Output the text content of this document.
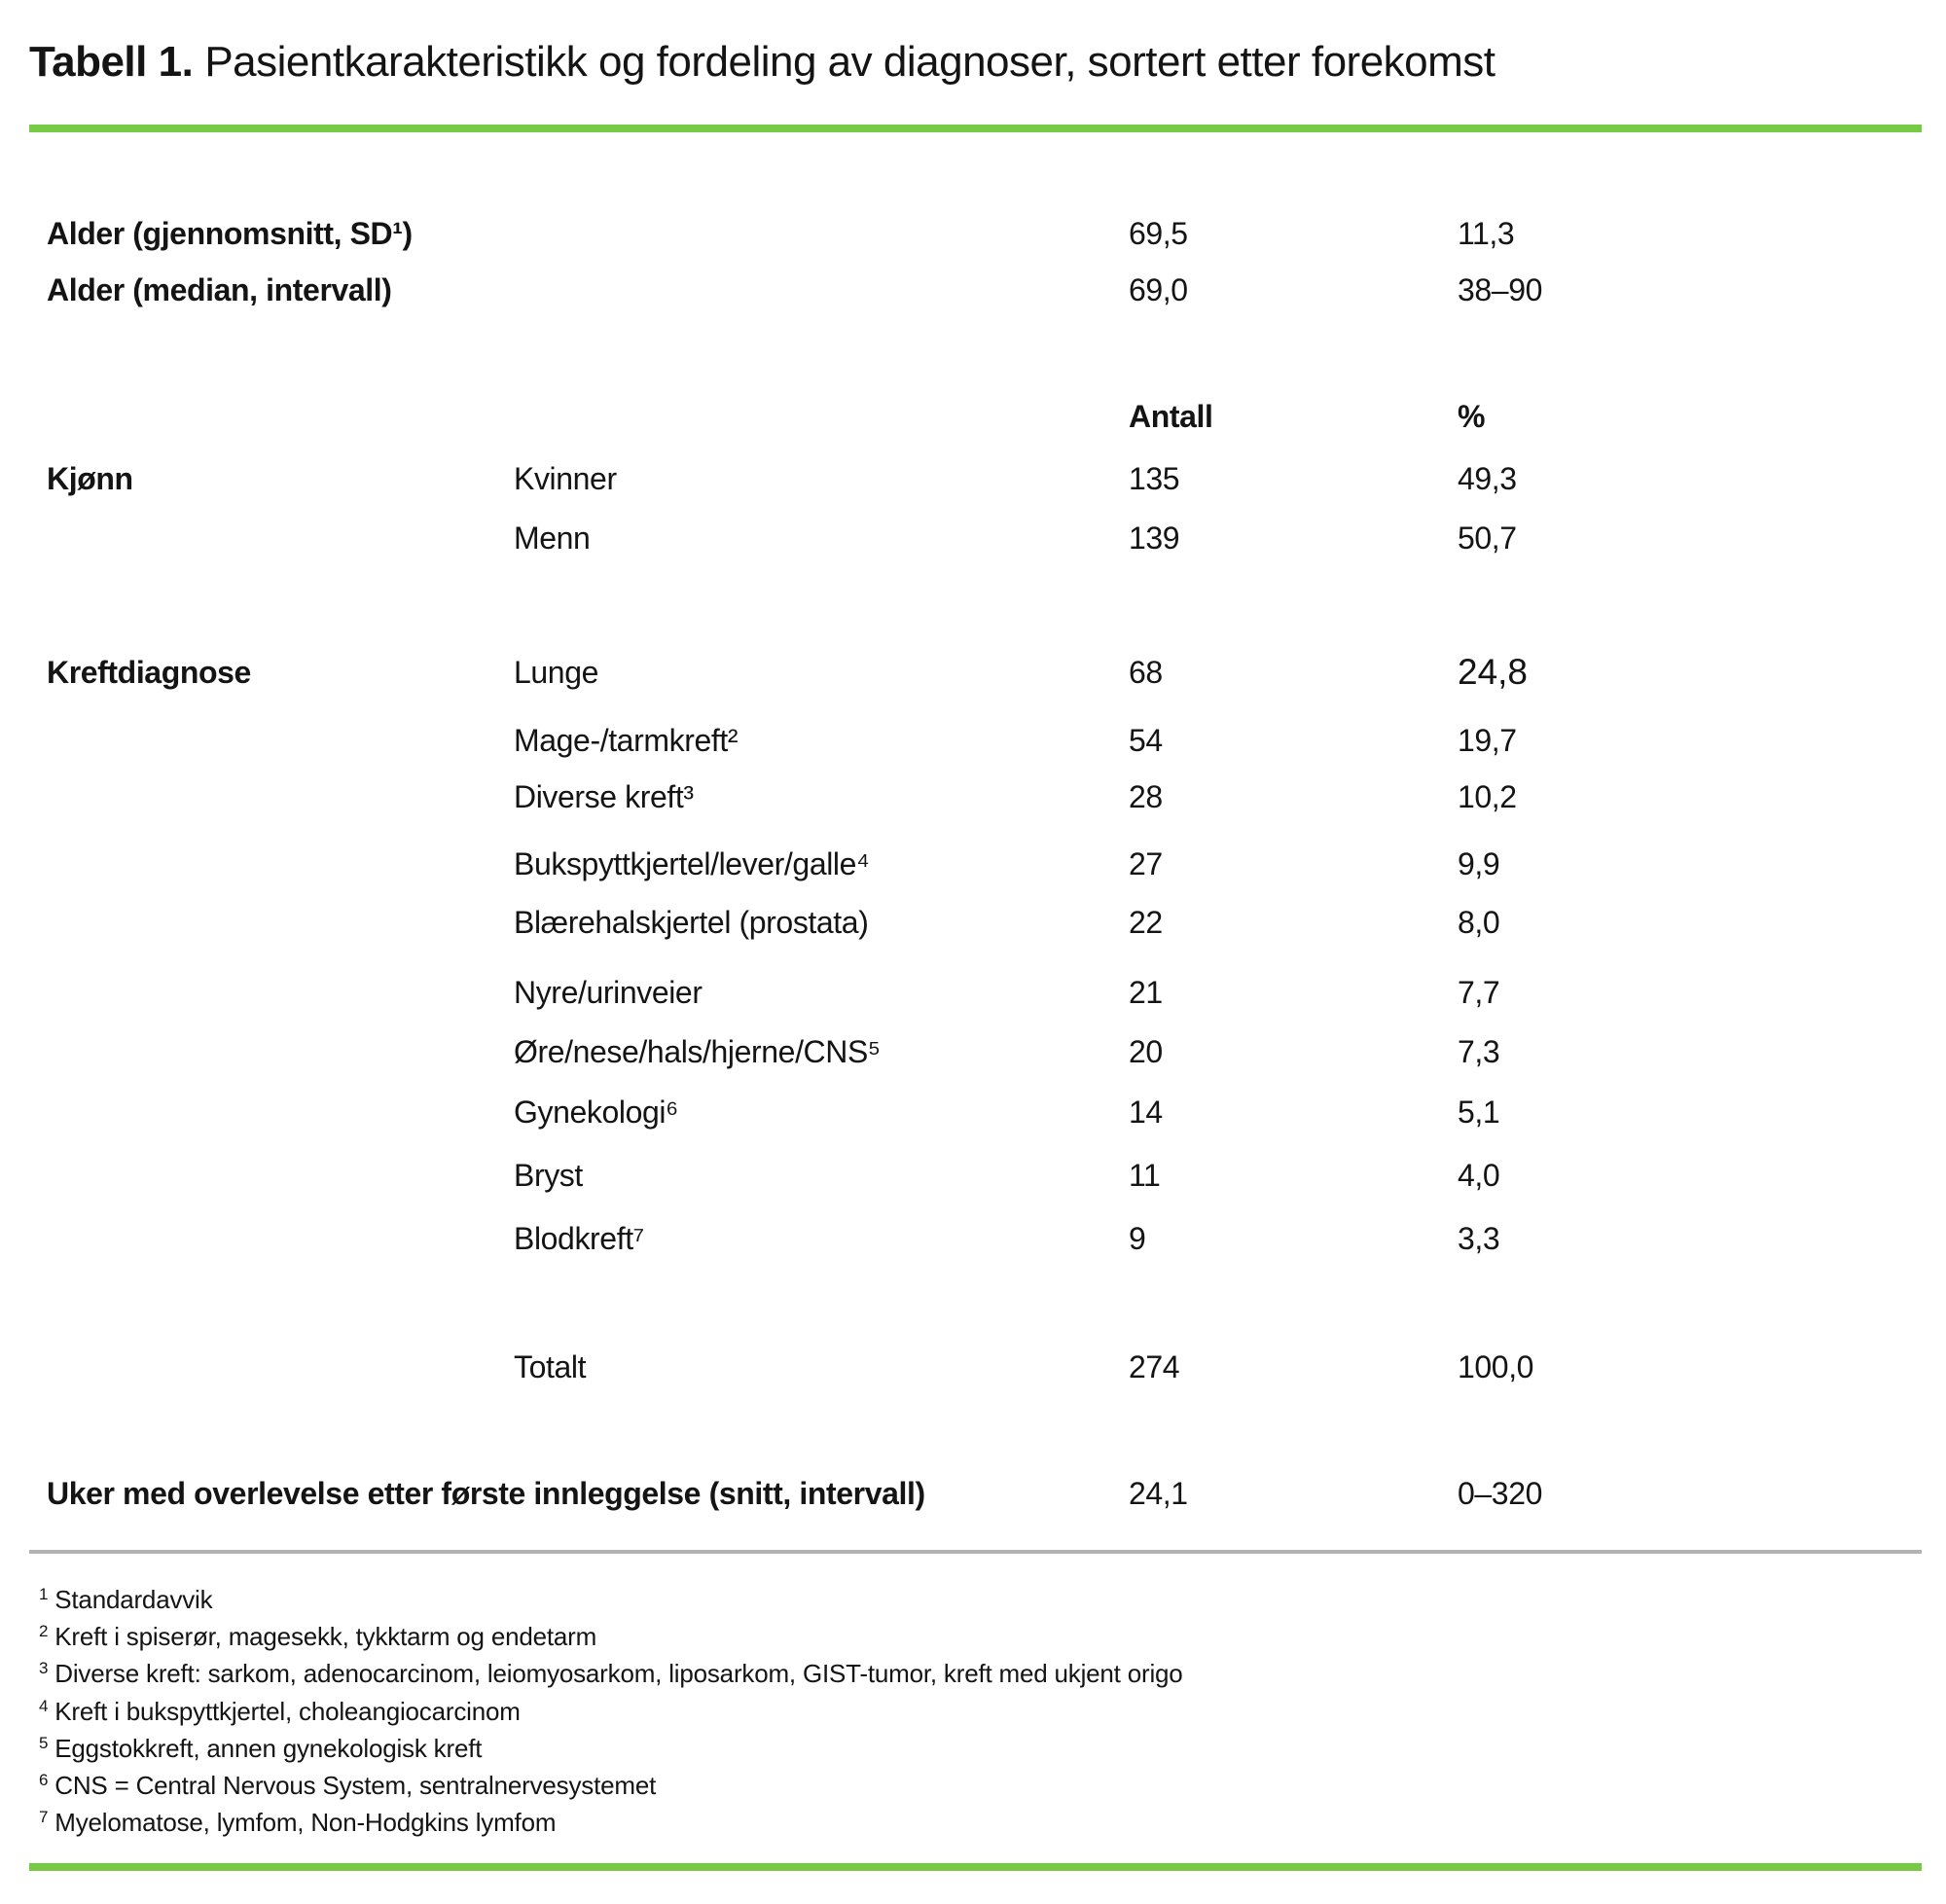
Tabell 1. Pasientkarakteristikk og fordeling av diagnoser, sortert etter forekomst
Alder (gjennomsnitt, SD¹)	69,5	11,3
Alder (median, intervall)	69,0	38–90
Antall	%
Kjønn	Kvinner	135	49,3
Menn	139	50,7
Kreftdiagnose	Lunge	68	24,8
Mage-/tarmkreft²	54	19,7
Diverse kreft³	28	10,2
Bukspyttkjertel/lever/galle⁴	27	9,9
Blærehalskjertel (prostata)	22	8,0
Nyre/urinveier	21	7,7
Øre/nese/hals/hjerne/CNS⁵	20	7,3
Gynekologi⁶	14	5,1
Bryst	11	4,0
Blodkreft⁷	9	3,3
Totalt	274	100,0
Uker med overlevelse etter første innleggelse (snitt, intervall)	24,1	0–320
$^1$ Standardavvik
$^2$ Kreft i spiserør, magesekk, tykktarm og endetarm
$^3$ Diverse kreft: sarkom, adenocarcinom, leiomyosarkom, liposarkom, GIST-tumor, kreft med ukjent origo
$^4$ Kreft i bukspyttkjertel, choleangiocarcinom
$^5$ Eggstokkreft, annen gynekologisk kreft
$^6$ CNS = Central Nervous System, sentralnervesystemet
$^7$ Myelomatose, lymfom, Non-Hodgkins lymfom
